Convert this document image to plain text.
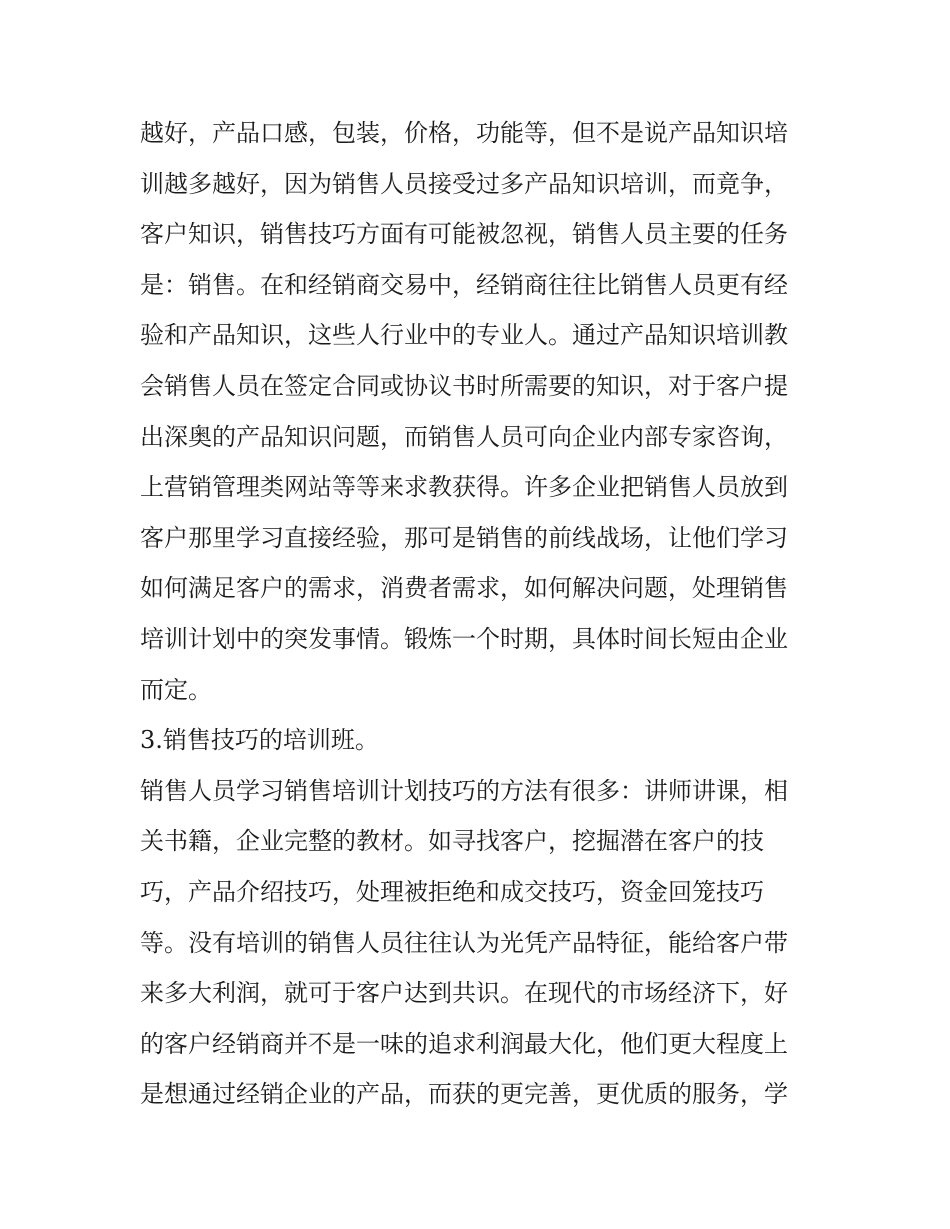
越好，产品口感，包装，价格，功能等，但不是说产品知识培
训越多越好，因为销售人员接受过多产品知识培训，而竟争，
客户知识，销售技巧方面有可能被忽视，销售人员主要的任务
是：销售。在和经销商交易中，经销商往往比销售人员更有经
验和产品知识，这些人行业中的专业人。通过产品知识培训教
会销售人员在签定合同或协议书时所需要的知识，对于客户提
出深奥的产品知识问题，而销售人员可向企业内部专家咨询，
上营销管理类网站等等来求教获得。许多企业把销售人员放到
客户那里学习直接经验，那可是销售的前线战场，让他们学习
如何满足客户的需求，消费者需求，如何解决问题，处理销售
培训计划中的突发事情。锻炼一个时期，具体时间长短由企业
而定。
3.销售技巧的培训班。
销售人员学习销售培训计划技巧的方法有很多：讲师讲课，相
关书籍，企业完整的教材。如寻找客户，挖掘潜在客户的技
巧，产品介绍技巧，处理被拒绝和成交技巧，资金回笼技巧
等。没有培训的销售人员往往认为光凭产品特征，能给客户带
来多大利润，就可于客户达到共识。在现代的市场经济下，好
的客户经销商并不是一味的追求利润最大化，他们更大程度上
是想通过经销企业的产品，而获的更完善，更优质的服务，学
